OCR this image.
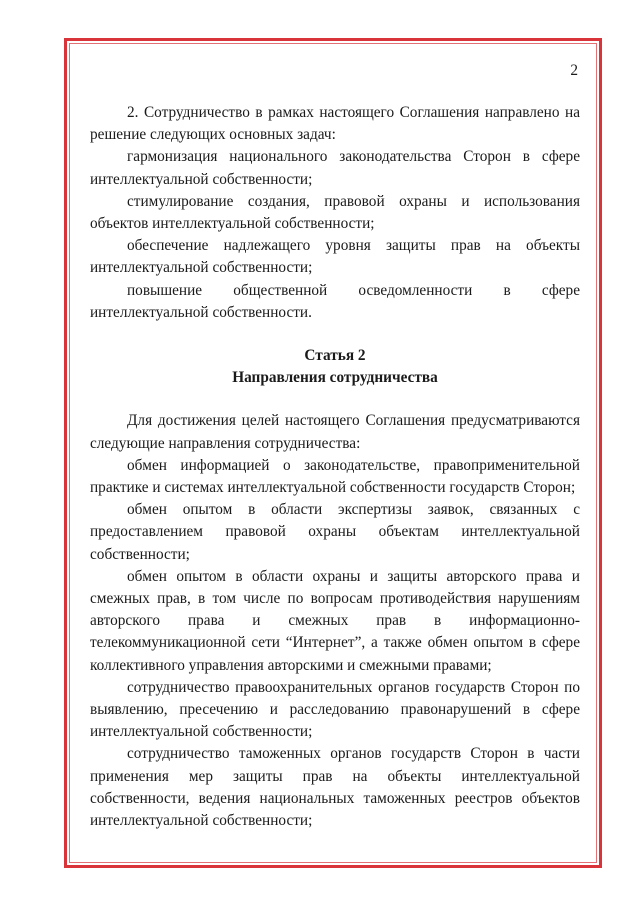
2

2. Сотрудничество в рамках настоящего Соглашения направлено на решение следующих основных задач:

гармонизация национального законодательства Сторон в сфере интеллектуальной собственности;

стимулирование создания, правовой охраны и использования объектов интеллектуальной собственности;

обеспечение надлежащего уровня защиты прав на объекты интеллектуальной собственности;

повышение общественной осведомленности в сфере интеллектуальной собственности.

Статья 2

Направления сотрудничества

Для достижения целей настоящего Соглашения предусматриваются следующие направления сотрудничества:

обмен информацией о законодательстве, правоприменительной практике и системах интеллектуальной собственности государств Сторон;

обмен опытом в области экспертизы заявок, связанных с предоставлением правовой охраны объектам интеллектуальной собственности;

обмен опытом в области охраны и защиты авторского права и смежных прав, в том числе по вопросам противодействия нарушениям авторского права и смежных прав в информационно-телекоммуникационной сети “Интернет”, а также обмен опытом в сфере коллективного управления авторскими и смежными правами;

сотрудничество правоохранительных органов государств Сторон по выявлению, пресечению и расследованию правонарушений в сфере интеллектуальной собственности;

сотрудничество таможенных органов государств Сторон в части применения мер защиты прав на объекты интеллектуальной собственности, ведения национальных таможенных реестров объектов интеллектуальной собственности;
